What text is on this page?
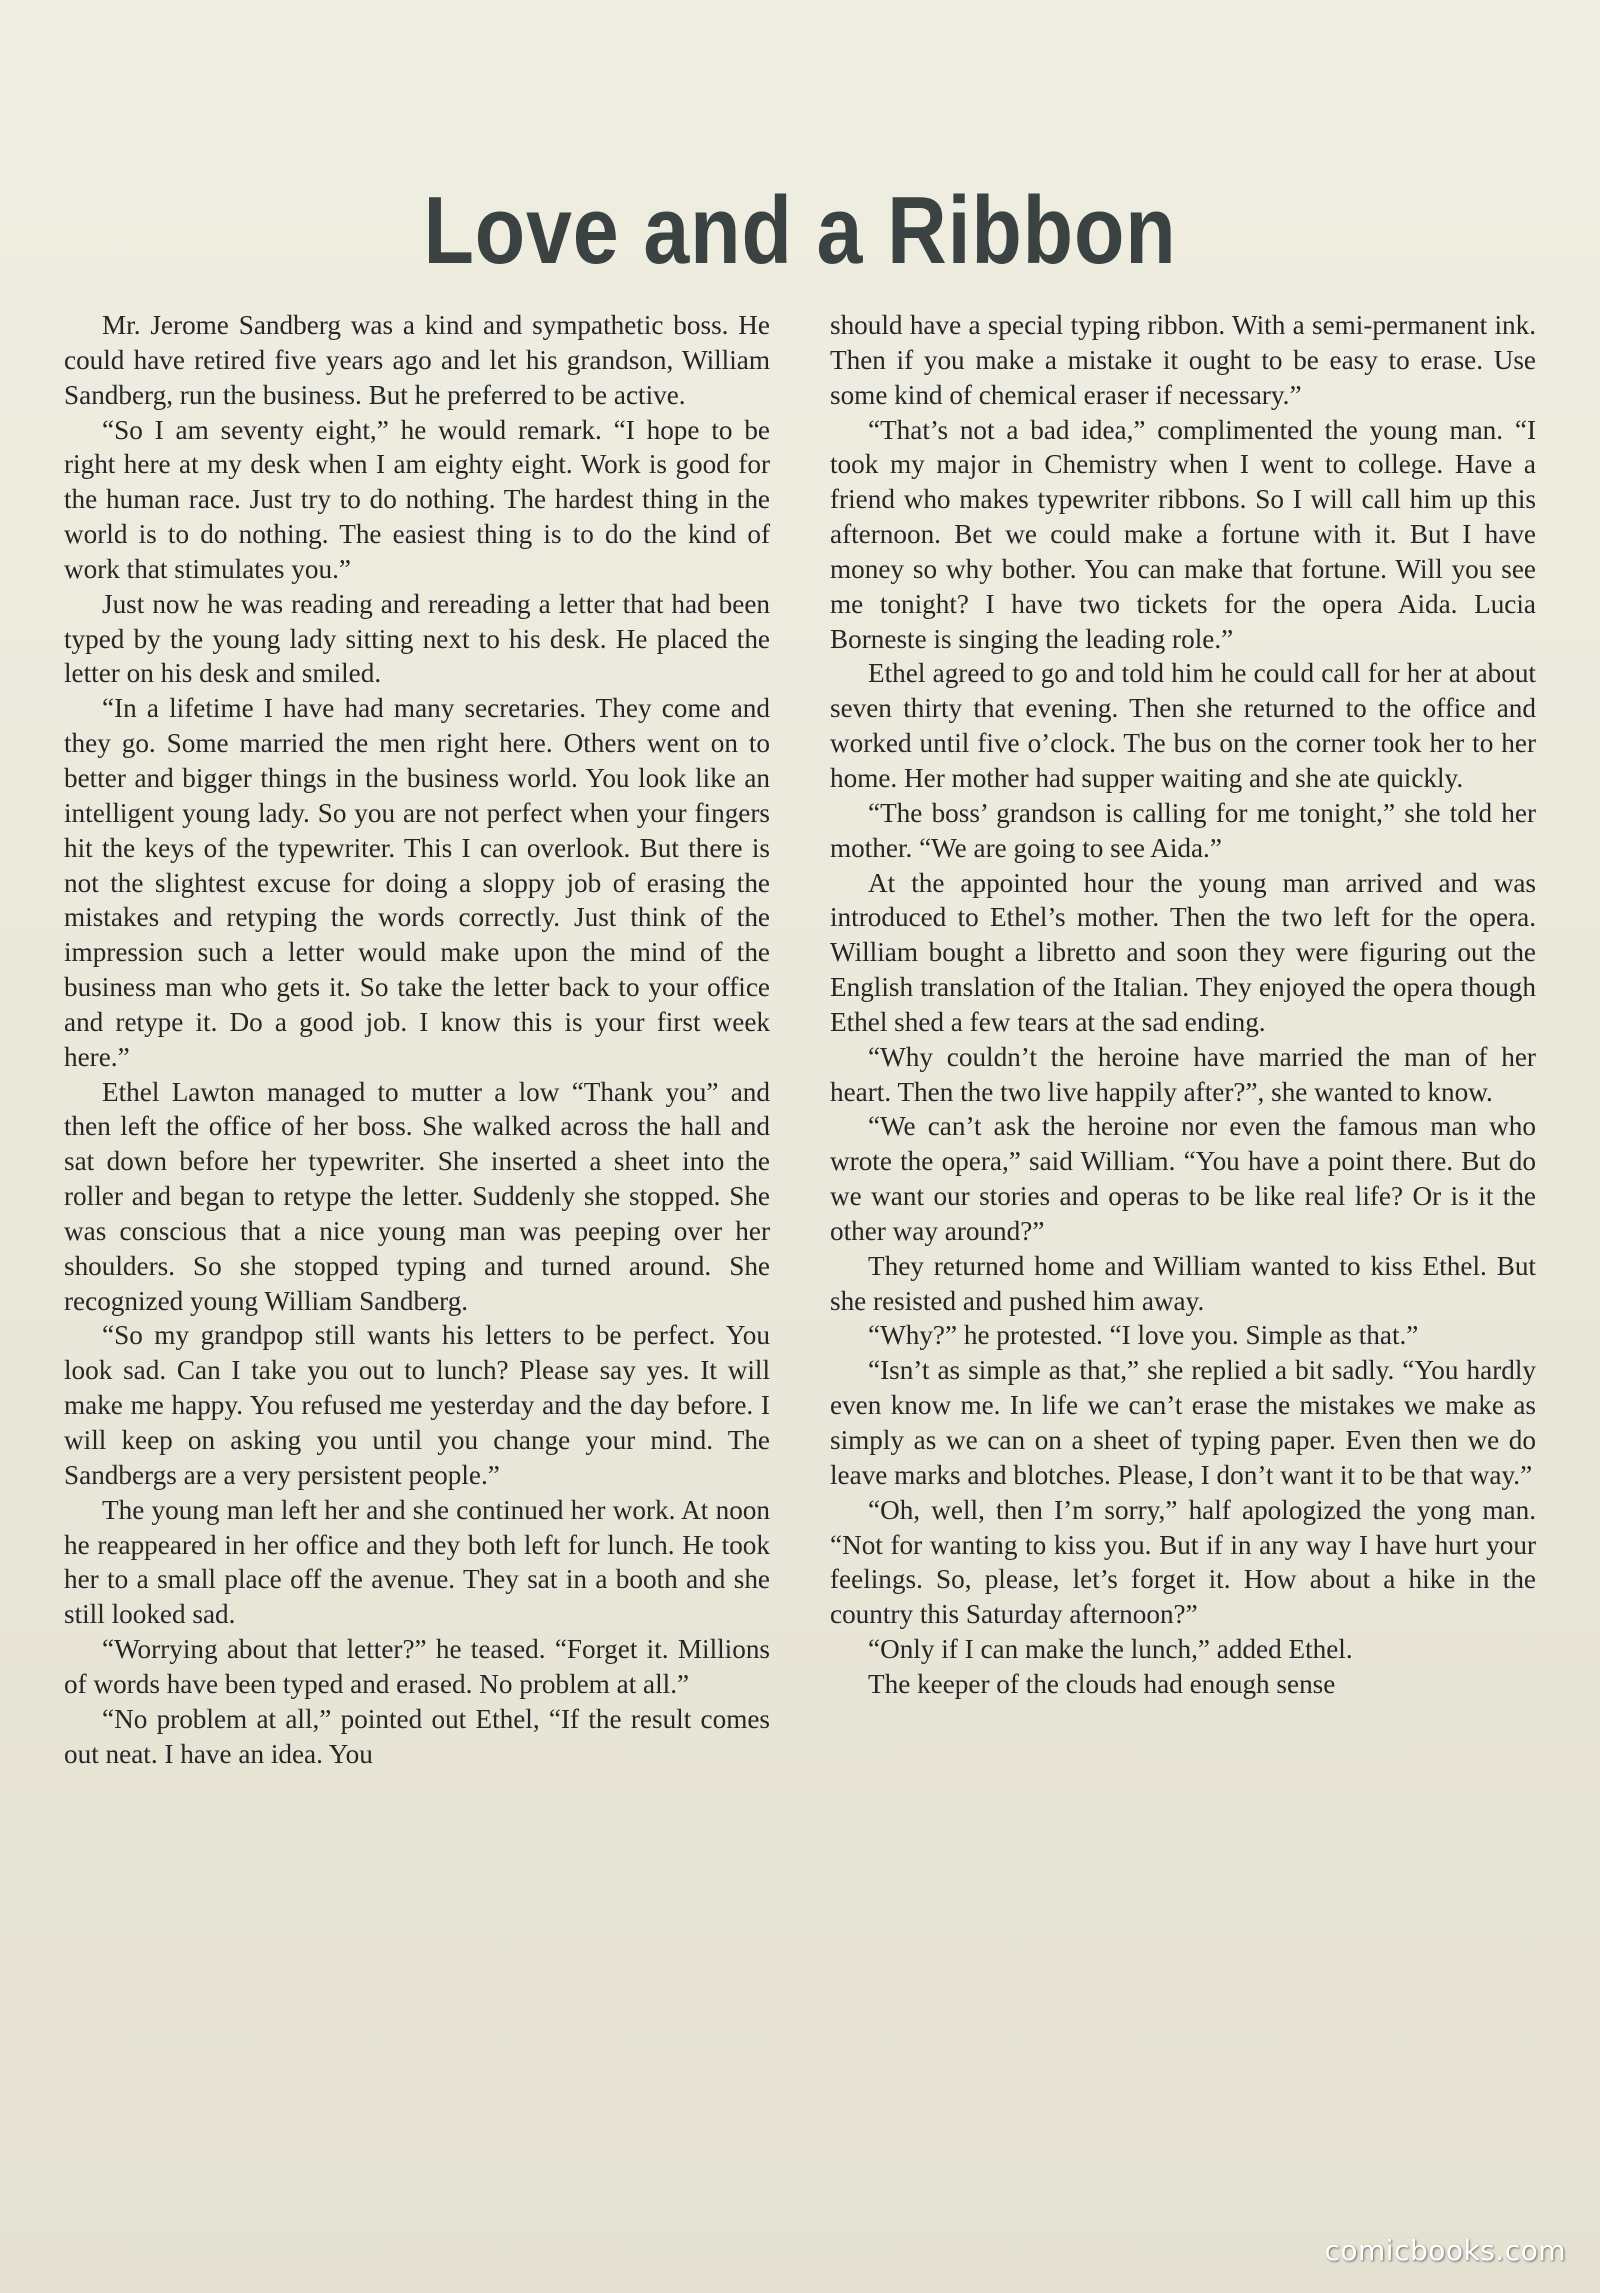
Love and a Ribbon

Mr. Jerome Sandberg was a kind and sympathetic boss. He could have retired five years ago and let his grandson, William Sandberg, run the business. But he preferred to be active.

“So I am seventy eight,” he would remark. “I hope to be right here at my desk when I am eighty eight. Work is good for the human race. Just try to do nothing. The hardest thing in the world is to do nothing. The easiest thing is to do the kind of work that stimulates you.”

Just now he was reading and rereading a letter that had been typed by the young lady sitting next to his desk. He placed the letter on his desk and smiled.

“In a lifetime I have had many secretaries. They come and they go. Some married the men right here. Others went on to better and bigger things in the business world. You look like an intelligent young lady. So you are not perfect when your fingers hit the keys of the typewriter. This I can overlook. But there is not the slightest excuse for doing a sloppy job of erasing the mistakes and retyping the words correctly. Just think of the impression such a letter would make upon the mind of the business man who gets it. So take the letter back to your office and retype it. Do a good job. I know this is your first week here.”

Ethel Lawton managed to mutter a low “Thank you” and then left the office of her boss. She walked across the hall and sat down before her typewriter. She inserted a sheet into the roller and began to retype the letter. Suddenly she stopped. She was conscious that a nice young man was peeping over her shoulders. So she stopped typing and turned around. She recognized young William Sandberg.

“So my grandpop still wants his letters to be perfect. You look sad. Can I take you out to lunch? Please say yes. It will make me happy. You refused me yesterday and the day before. I will keep on asking you until you change your mind. The Sandbergs are a very persistent people.”

The young man left her and she continued her work. At noon he reappeared in her office and they both left for lunch. He took her to a small place off the avenue. They sat in a booth and she still looked sad.

“Worrying about that letter?” he teased. “Forget it. Millions of words have been typed and erased. No problem at all.”

“No problem at all,” pointed out Ethel, “If the result comes out neat. I have an idea. You

should have a special typing ribbon. With a semi-permanent ink. Then if you make a mistake it ought to be easy to erase. Use some kind of chemical eraser if necessary.”

“That’s not a bad idea,” complimented the young man. “I took my major in Chemistry when I went to college. Have a friend who makes typewriter ribbons. So I will call him up this afternoon. Bet we could make a fortune with it. But I have money so why bother. You can make that fortune. Will you see me tonight? I have two tickets for the opera Aida. Lucia Borneste is singing the leading role.”

Ethel agreed to go and told him he could call for her at about seven thirty that evening. Then she returned to the office and worked until five o’clock. The bus on the corner took her to her home. Her mother had supper waiting and she ate quickly.

“The boss’ grandson is calling for me tonight,” she told her mother. “We are going to see Aida.”

At the appointed hour the young man arrived and was introduced to Ethel’s mother. Then the two left for the opera. William bought a libretto and soon they were figuring out the English translation of the Italian. They enjoyed the opera though Ethel shed a few tears at the sad ending.

“Why couldn’t the heroine have married the man of her heart. Then the two live happily after?”, she wanted to know.

“We can’t ask the heroine nor even the famous man who wrote the opera,” said William. “You have a point there. But do we want our stories and operas to be like real life? Or is it the other way around?”

They returned home and William wanted to kiss Ethel. But she resisted and pushed him away.

“Why?” he protested. “I love you. Simple as that.”

“Isn’t as simple as that,” she replied a bit sadly. “You hardly even know me. In life we can’t erase the mistakes we make as simply as we can on a sheet of typing paper. Even then we do leave marks and blotches. Please, I don’t want it to be that way.”

“Oh, well, then I’m sorry,” half apologized the yong man. “Not for wanting to kiss you. But if in any way I have hurt your feelings. So, please, let’s forget it. How about a hike in the country this Saturday afternoon?”

“Only if I can make the lunch,” added Ethel.

The keeper of the clouds had enough sense

comicbooks.com
